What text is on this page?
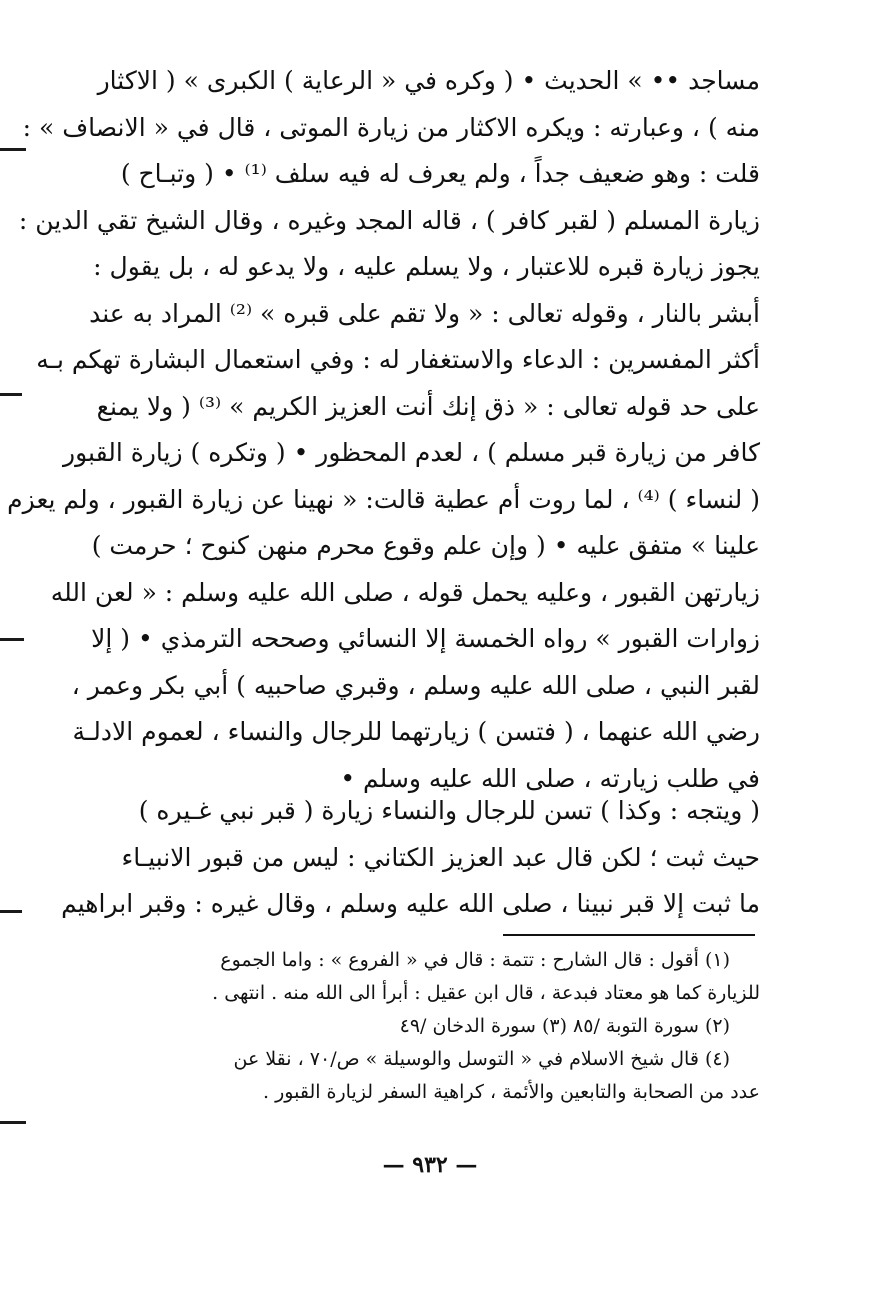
مساجد •• » الحديث • ( وكره في « الرعاية ) الكبرى » ( الاكثار
منه ) ، وعبارته : ويكره الاكثار من زيارة الموتى ، قال في « الانصاف » :
قلت : وهو ضعيف جداً ، ولم يعرف له فيه سلف ⁽¹⁾ • ( وتبـاح )
زيارة المسلم ( لقبر كافر ) ، قاله المجد وغيره ، وقال الشيخ تقي الدين :
يجوز زيارة قبره للاعتبار ، ولا يسلم عليه ، ولا يدعو له ، بل يقول :
أبشر بالنار ، وقوله تعالى : « ولا تقم على قبره » ⁽²⁾ المراد به عند
أكثر المفسرين : الدعاء والاستغفار له : وفي استعمال البشارة تهكم بـه
على حد قوله تعالى : « ذق إنك أنت العزيز الكريم » ⁽³⁾ ( ولا يمنع
كافر من زيارة قبر مسلم ) ، لعدم المحظور • ( وتكره ) زيارة القبور
( لنساء ) ⁽⁴⁾ ، لما روت أم عطية قالت: « نهينا عن زيارة القبور ، ولم يعزم
علينا » متفق عليه • ( وإن علم وقوع محرم منهن كنوح ؛ حرمت )
زيارتهن القبور ، وعليه يحمل قوله ، صلى الله عليه وسلم : « لعن الله
زوارات القبور » رواه الخمسة إلا النسائي وصححه الترمذي • ( إلا
لقبر النبي ، صلى الله عليه وسلم ، وقبري صاحبيه ) أبي بكر وعمر ،
رضي الله عنهما ، ( فتسن ) زيارتهما للرجال والنساء ، لعموم الادلـة
في طلب زيارته ، صلى الله عليه وسلم •
( ويتجه : وكذا ) تسن للرجال والنساء زيارة ( قبر نبي غـيره )
حيث ثبت ؛ لكن قال عبد العزيز الكتاني : ليس من قبور الانبيـاء
ما ثبت إلا قبر نبينا ، صلى الله عليه وسلم ، وقال غيره : وقبر ابراهيم
(١) أقول : قال الشارح : تتمة : قال في « الفروع » : واما الجموع
للزيارة كما هو معتاد فبدعة ، قال ابن عقيل : أبرأ الى الله منه . انتهى .
(٢) سورة التوبة /٨٥ (٣) سورة الدخان /٤٩
(٤) قال شيخ الاسلام في « التوسل والوسيلة » ص/٧٠ ، نقلا عن
عدد من الصحابة والتابعين والأئمة ، كراهية السفر لزيارة القبور .
— ٩٣٢ —
